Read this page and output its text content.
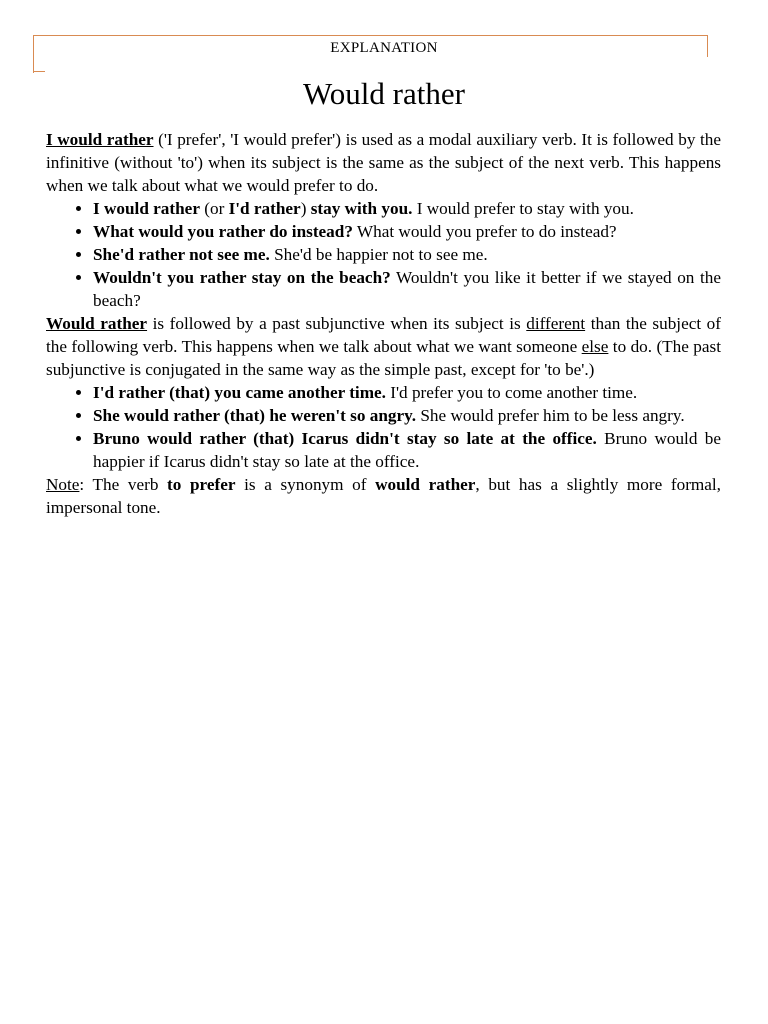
EXPLANATION
Would rather

I would rather ('I prefer', 'I would prefer') is used as a modal auxiliary verb. It is followed by the infinitive (without 'to') when its subject is the same as the subject of the next verb. This happens when we talk about what we would prefer to do.

• I would rather (or I'd rather) stay with you. I would prefer to stay with you.
• What would you rather do instead? What would you prefer to do instead?
• She'd rather not see me. She'd be happier not to see me.
• Wouldn't you rather stay on the beach? Wouldn't you like it better if we stayed on the beach?

Would rather is followed by a past subjunctive when its subject is different than the subject of the following verb. This happens when we talk about what we want someone else to do. (The past subjunctive is conjugated in the same way as the simple past, except for 'to be'.)

• I'd rather (that) you came another time. I'd prefer you to come another time.
• She would rather (that) he weren't so angry. She would prefer him to be less angry.
• Bruno would rather (that) Icarus didn't stay so late at the office. Bruno would be happier if Icarus didn't stay so late at the office.

Note: The verb to prefer is a synonym of would rather, but has a slightly more formal, impersonal tone.
